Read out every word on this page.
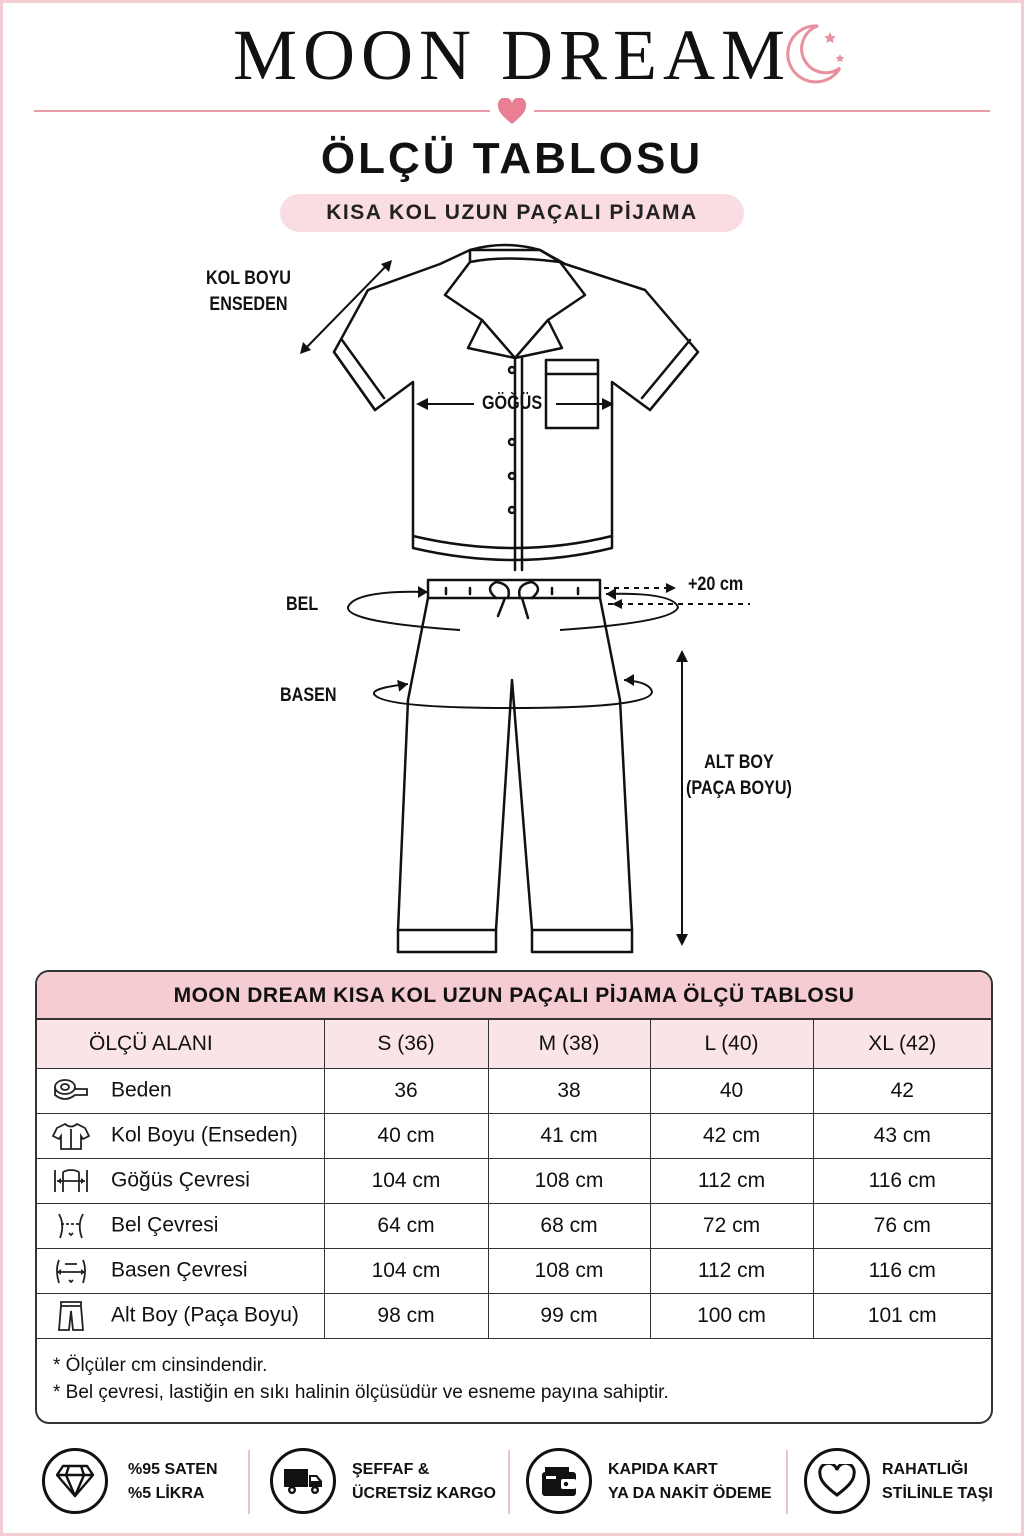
MOON DREAM
ÖLÇÜ TABLOSU
KISA KOL UZUN PAÇALI PİJAMA
KOL BOYU
ENSEDEN
GÖĞÜS
BEL
+20 cm
BASEN
ALT BOY
(PAÇA BOYU)
MOON DREAM KISA KOL UZUN PAÇALI PİJAMA ÖLÇÜ TABLOSU
ÖLÇÜ ALANI	S (36)	M (38)	L (40)	XL (42)
Beden	36	38	40	42
Kol Boyu (Enseden)	40 cm	41 cm	42 cm	43 cm
Göğüs Çevresi	104 cm	108 cm	112 cm	116 cm
Bel Çevresi	64 cm	68 cm	72 cm	76 cm
Basen Çevresi	104 cm	108 cm	112 cm	116 cm
Alt Boy (Paça Boyu)	98 cm	99 cm	100 cm	101 cm
* Ölçüler cm cinsindendir.
* Bel çevresi, lastiğin en sıkı halinin ölçüsüdür ve esneme payına sahiptir.
%95 SATEN
%5 LİKRA
ŞEFFAF &
ÜCRETSİZ KARGO
KAPIDA KART
YA DA NAKİT ÖDEME
RAHATLIĞI
STİLİNLE TAŞI
